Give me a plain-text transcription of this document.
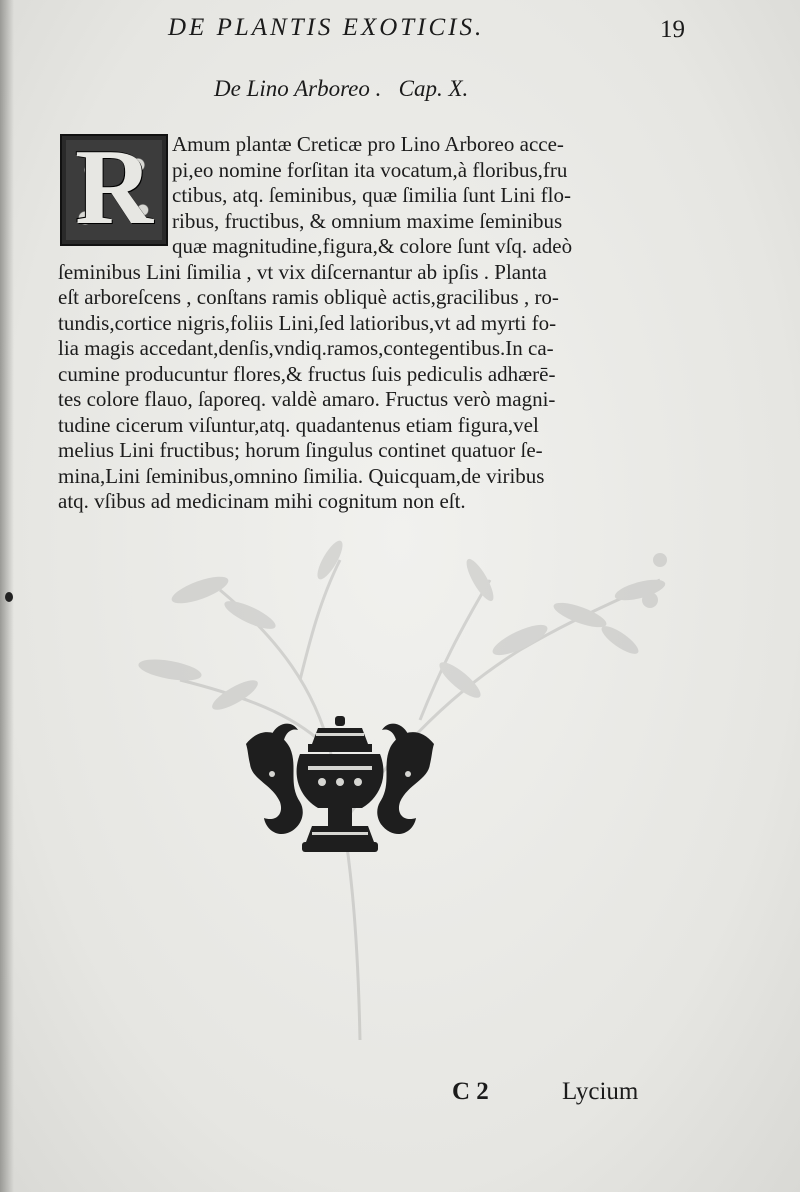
DE PLANTIS EXOTICIS.	19
De Lino Arboreo .   Cap. X.
R Amum plantæ Creticæ pro Lino Arboreo acce-
pi,eo nomine forſitan ita vocatum,à floribus,fru
ctibus, atq. ſeminibus, quæ ſimilia ſunt Lini flo-
ribus, fructibus, & omnium maxime ſeminibus
quæ magnitudine,figura,& colore ſunt vſq. adeò
ſeminibus Lini ſimilia , vt vix diſcernantur ab ipſis . Planta
eſt arboreſcens , conſtans ramis obliquè actis,gracilibus , ro-
tundis,cortice nigris,foliis Lini,ſed latioribus,vt ad myrti fo-
lia magis accedant,denſis,vndiq.ramos,contegentibus.In ca-
cumine producuntur flores,& fructus ſuis pediculis adhærē-
tes colore flauo, ſaporeq. valdè amaro. Fructus verò magni-
tudine cicerum viſuntur,atq. quadantenus etiam figura,vel
melius Lini fructibus; horum ſingulus continet quatuor ſe-
mina,Lini ſeminibus,omnino ſimilia. Quicquam,de viribus
atq. vſibus ad medicinam mihi cognitum non eſt.
C 2	Lycium
